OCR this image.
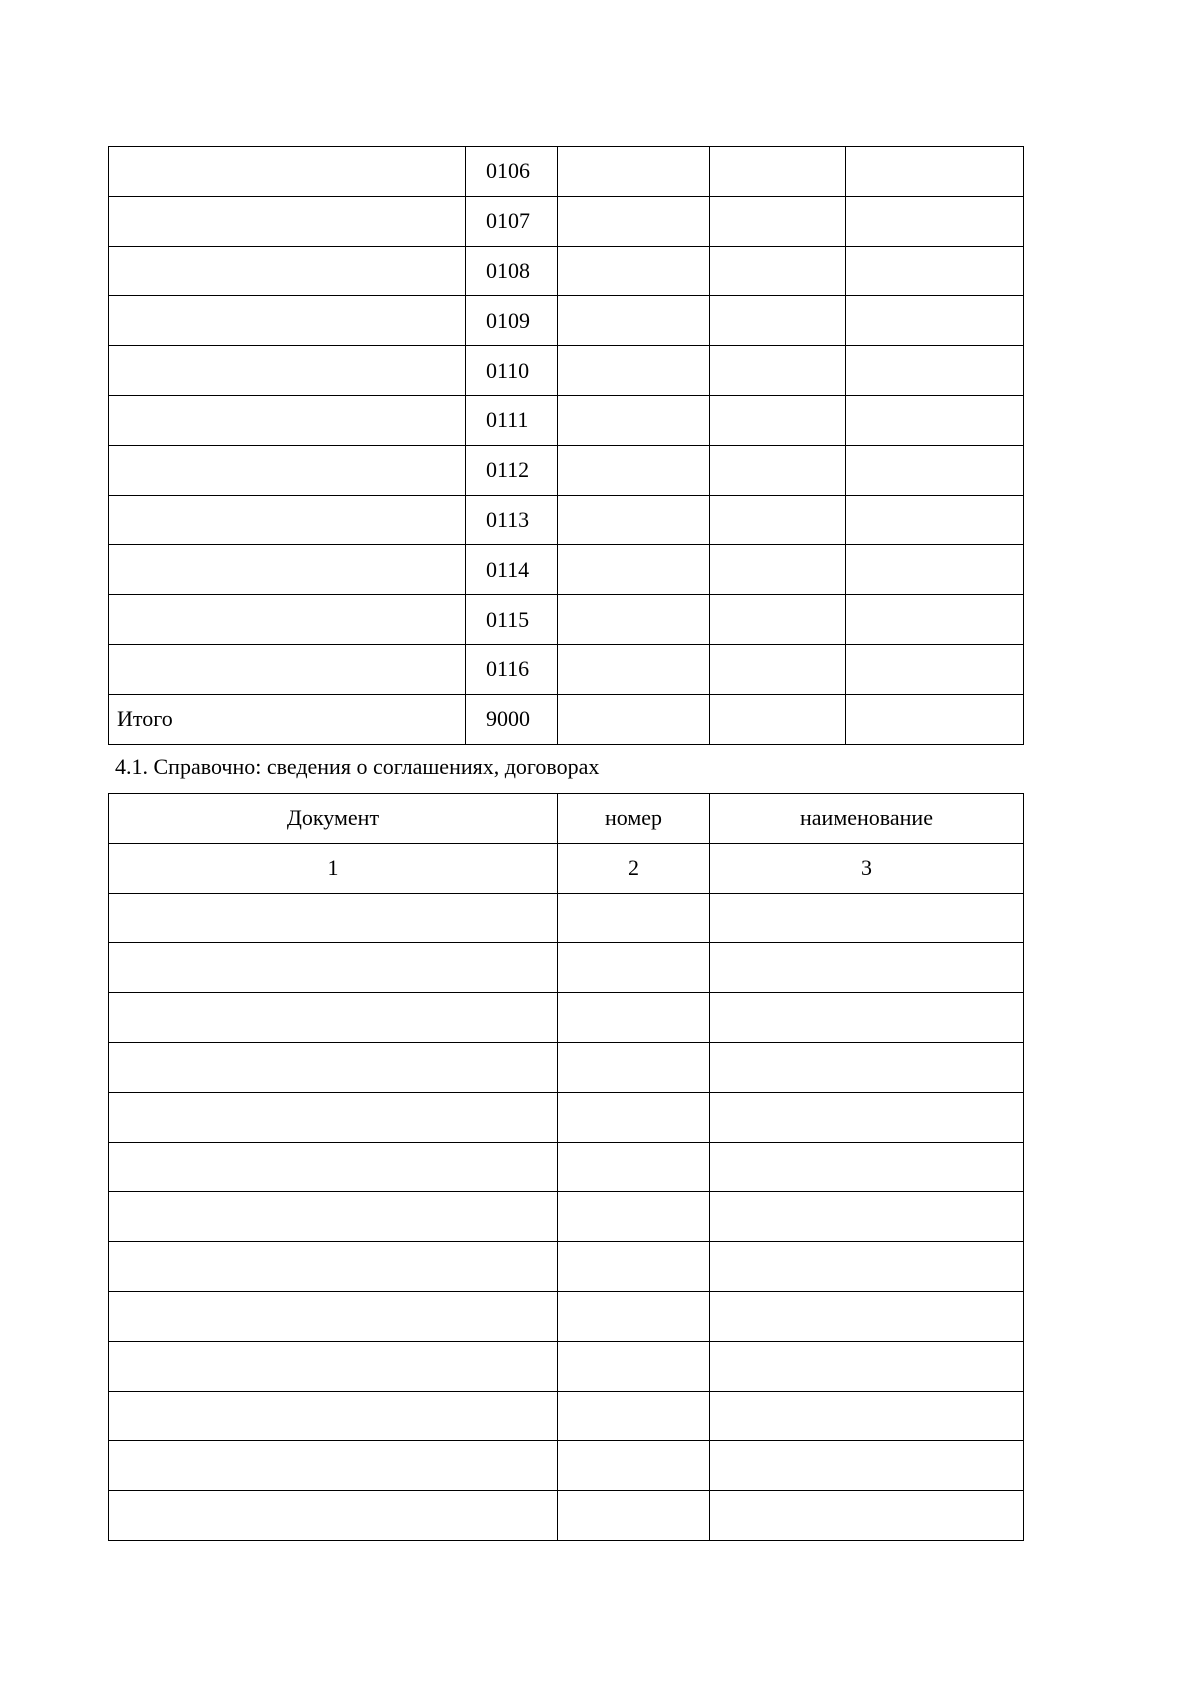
	0106			
	0107			
	0108			
	0109			
	0110			
	0111			
	0112			
	0113			
	0114			
	0115			
	0116			
Итого	9000			
4.1. Справочно: сведения о соглашениях, договорах
Документ	номер	наименование
1	2	3
